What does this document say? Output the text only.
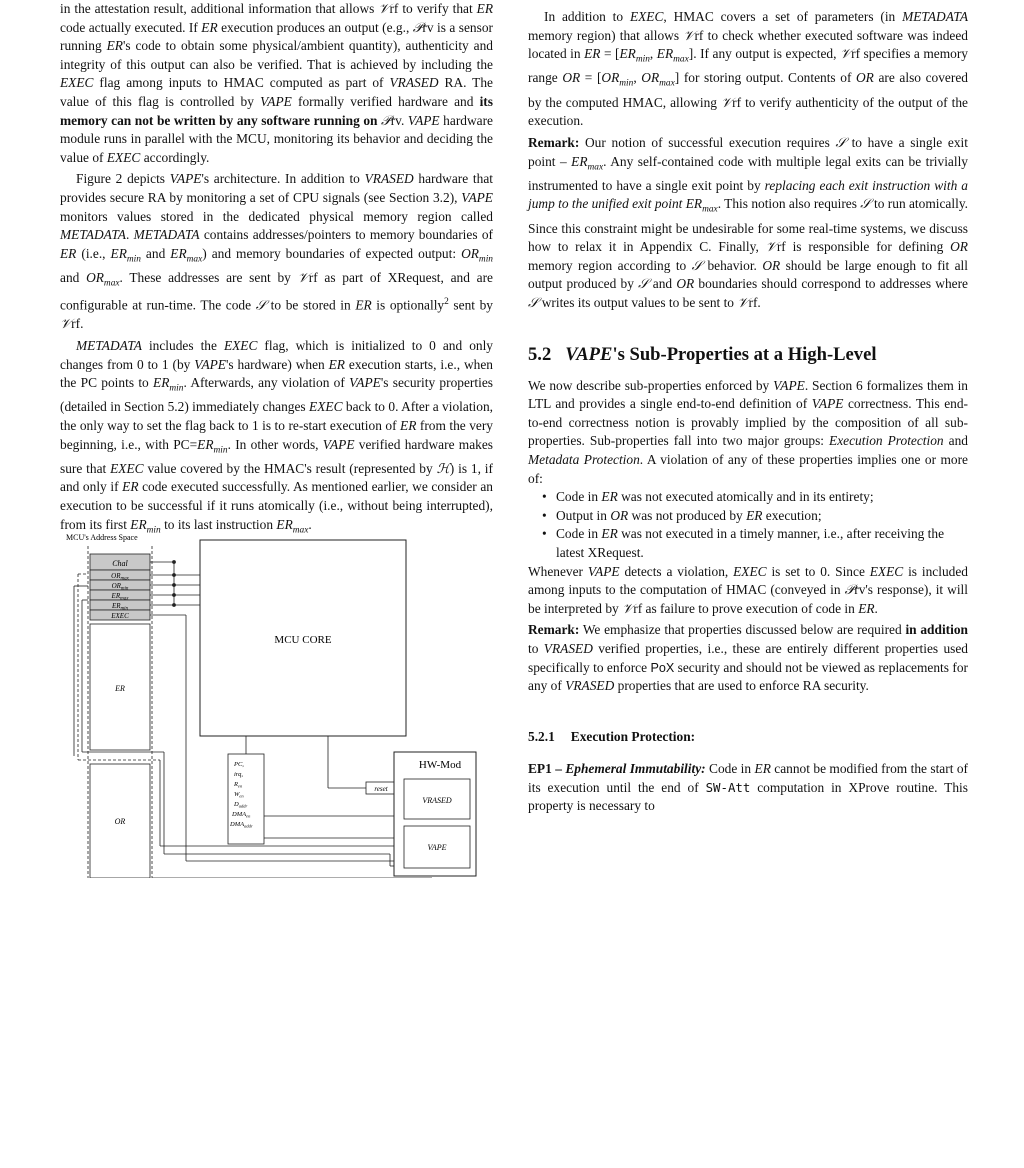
in the attestation result, additional information that allows 𝒱rf to verify that ER code actually executed. If ER execution produces an output (e.g., 𝒫rv is a sensor running ER's code to obtain some physical/ambient quantity), authenticity and integrity of this output can also be verified. That is achieved by including the EXEC flag among inputs to HMAC computed as part of VRASED RA. The value of this flag is controlled by VAPE formally verified hardware and its memory can not be written by any software running on 𝒫rv. VAPE hardware module runs in parallel with the MCU, monitoring its behavior and deciding the value of EXEC accordingly.

Figure 2 depicts VAPE's architecture. In addition to VRASED hardware that provides secure RA by monitoring a set of CPU signals (see Section 3.2), VAPE monitors values stored in the dedicated physical memory region called METADATA. METADATA contains addresses/pointers to memory boundaries of ER (i.e., $ER_{min}$ and $ER_{max}$) and memory boundaries of expected output: $OR_{min}$ and $OR_{max}$. These addresses are sent by 𝒱rf as part of XRequest, and are configurable at run-time. The code 𝒮 to be stored in ER is optionally$^2$ sent by 𝒱rf.

METADATA includes the EXEC flag, which is initialized to 0 and only changes from 0 to 1 (by VAPE's hardware) when ER execution starts, i.e., when the PC points to $ER_{min}$. Afterwards, any violation of VAPE's security properties (detailed in Section 5.2) immediately changes EXEC back to 0. After a violation, the only way to set the flag back to 1 is to re-start execution of ER from the very beginning, i.e., with $PC=ER_{min}$. In other words, VAPE verified hardware makes sure that EXEC value covered by the HMAC's result (represented by ℋ) is 1, if and only if ER code executed successfully. As mentioned earlier, we consider an execution to be successful if it runs atomically (i.e., without being interrupted), from its first $ER_{min}$ to its last instruction $ER_{max}$.

MCU's Address Space
Chal
$OR_{max}$
$OR_{min}$
$ER_{max}$
$ER_{min}$
EXEC
ER
OR
MCU CORE
PC,
irq,
$R_{en}$
$W_{en}$
$D_{addr}$
$DMA_{en}$
$DMA_{addr}$
reset
HW-Mod
VRASED
VAPE

In addition to EXEC, HMAC covers a set of parameters (in METADATA memory region) that allows 𝒱rf to check whether executed software was indeed located in ER = [$ER_{min}$, $ER_{max}$]. If any output is expected, 𝒱rf specifies a memory range OR = [$OR_{min}$, $OR_{max}$] for storing output. Contents of OR are also covered by the computed HMAC, allowing 𝒱rf to verify authenticity of the output of the execution.

Remark: Our notion of successful execution requires 𝒮 to have a single exit point – $ER_{max}$. Any self-contained code with multiple legal exits can be trivially instrumented to have a single exit point by replacing each exit instruction with a jump to the unified exit point $ER_{max}$. This notion also requires 𝒮 to run atomically. Since this constraint might be undesirable for some real-time systems, we discuss how to relax it in Appendix C. Finally, 𝒱rf is responsible for defining OR memory region according to 𝒮 behavior. OR should be large enough to fit all output produced by 𝒮 and OR boundaries should correspond to addresses where 𝒮 writes its output values to be sent to 𝒱rf.

5.2 VAPE's Sub-Properties at a High-Level

We now describe sub-properties enforced by VAPE. Section 6 formalizes them in LTL and provides a single end-to-end definition of VAPE correctness. This end-to-end correctness notion is provably implied by the composition of all sub-properties. Sub-properties fall into two major groups: Execution Protection and Metadata Protection. A violation of any of these properties implies one or more of:

• Code in ER was not executed atomically and in its entirety;
• Output in OR was not produced by ER execution;
• Code in ER was not executed in a timely manner, i.e., after receiving the latest XRequest.

Whenever VAPE detects a violation, EXEC is set to 0. Since EXEC is included among inputs to the computation of HMAC (conveyed in 𝒫rv's response), it will be interpreted by 𝒱rf as failure to prove execution of code in ER.

Remark: We emphasize that properties discussed below are required in addition to VRASED verified properties, i.e., these are entirely different properties used specifically to enforce PoX security and should not be viewed as replacements for any of VRASED properties that are used to enforce RA security.

5.2.1 Execution Protection:

EP1 – Ephemeral Immutability: Code in ER cannot be modified from the start of its execution until the end of SW-Att computation in XProve routine. This property is necessary to
